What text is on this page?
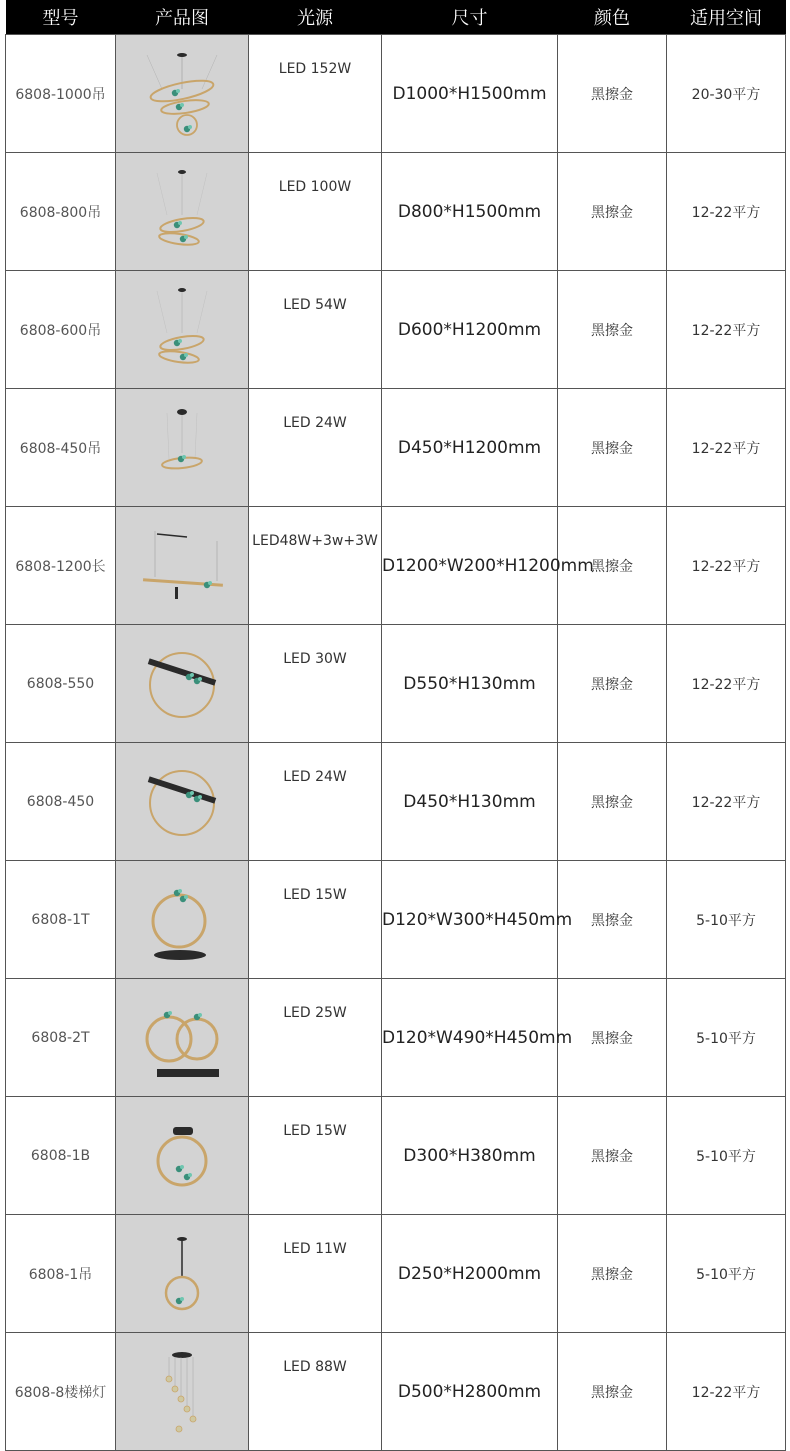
型号	产品图	光源	尺寸	颜色	适用空间
6808-1000吊		LED 152W	D1000*H1500mm	黑擦金	20-30平方
6808-800吊		LED 100W	D800*H1500mm	黑擦金	12-22平方
6808-600吊		LED 54W	D600*H1200mm	黑擦金	12-22平方
6808-450吊		LED 24W	D450*H1200mm	黑擦金	12-22平方
6808-1200长		LED48W+3w+3W	D1200*W200*H1200mm	黑擦金	12-22平方
6808-550		LED 30W	D550*H130mm	黑擦金	12-22平方
6808-450		LED 24W	D450*H130mm	黑擦金	12-22平方
6808-1T		LED 15W	D120*W300*H450mm	黑擦金	5-10平方
6808-2T		LED 25W	D120*W490*H450mm	黑擦金	5-10平方
6808-1B		LED 15W	D300*H380mm	黑擦金	5-10平方
6808-1吊		LED 11W	D250*H2000mm	黑擦金	5-10平方
6808-8楼梯灯		LED 88W	D500*H2800mm	黑擦金	12-22平方
